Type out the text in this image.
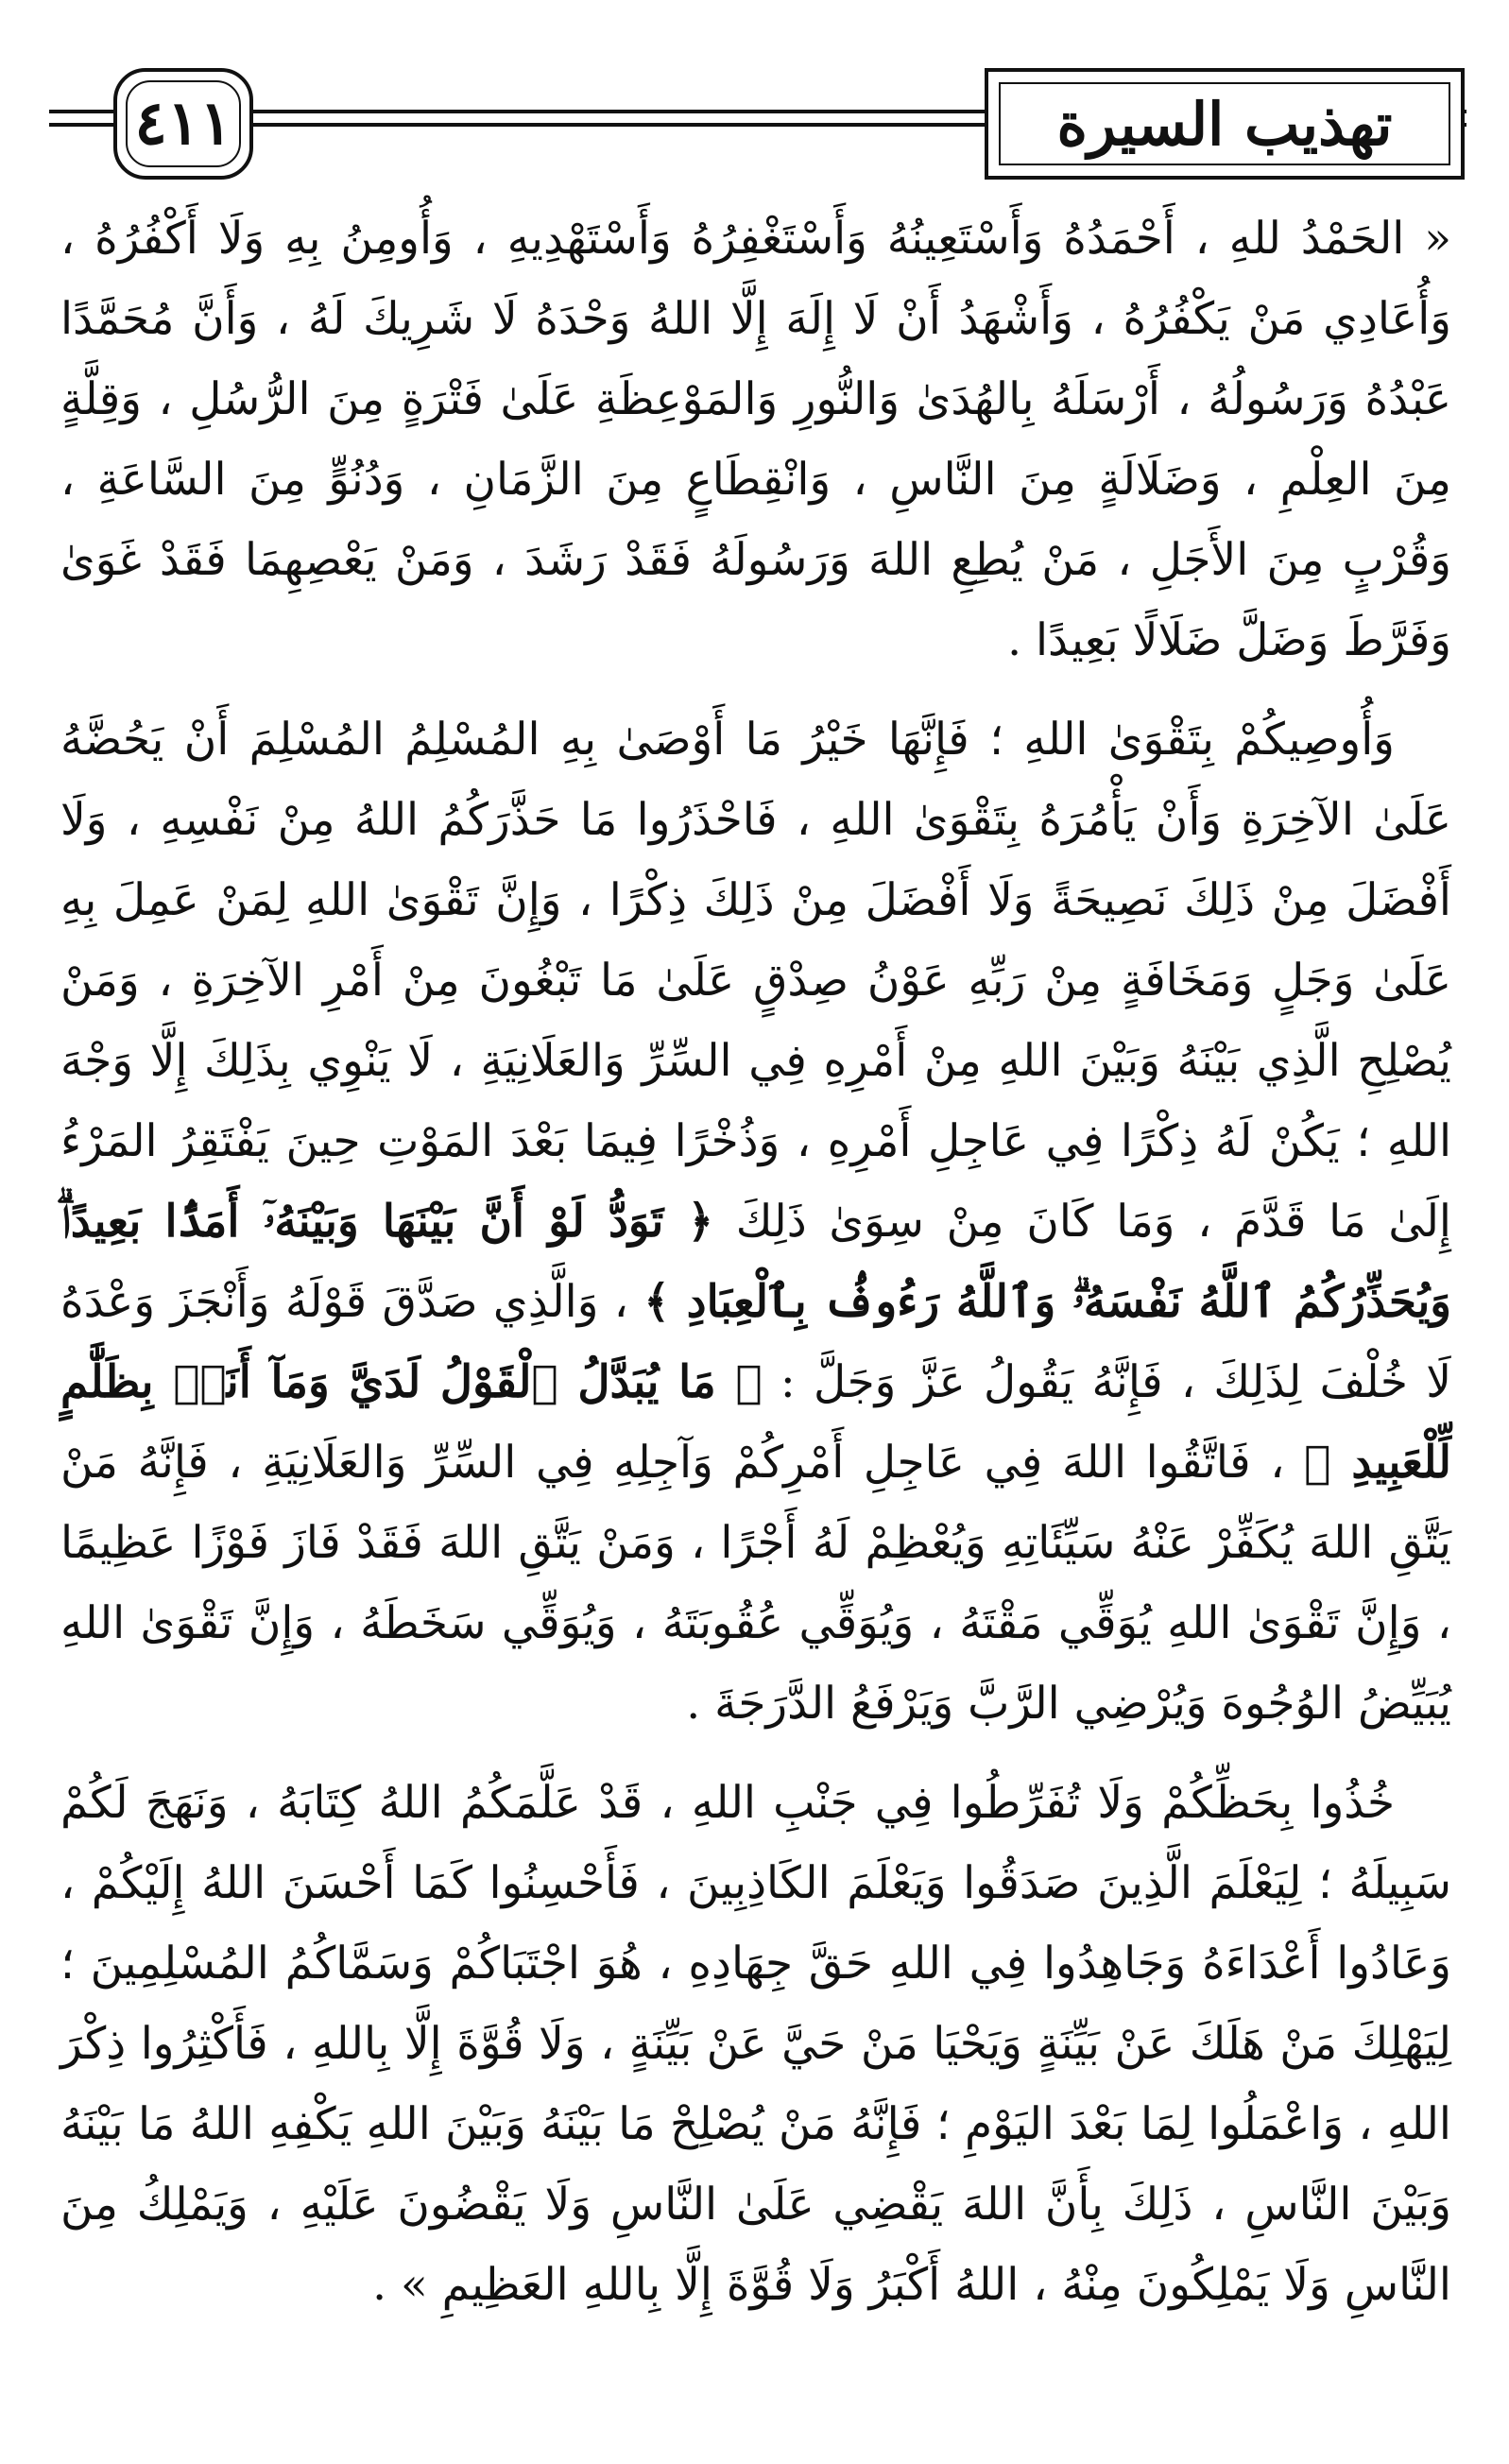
٤١١	تهذيب السيرة

« الحَمْدُ للهِ ، أَحْمَدُهُ وَأَسْتَعِينُهُ وَأَسْتَغْفِرُهُ وَأَسْتَهْدِيهِ ، وَأُومِنُ بِهِ وَلَا أَكْفُرُهُ ، وَأُعَادِي مَنْ يَكْفُرُهُ ، وَأَشْهَدُ أَنْ لَا إِلَهَ إِلَّا اللهُ وَحْدَهُ لَا شَرِيكَ لَهُ ، وَأَنَّ مُحَمَّدًا عَبْدُهُ وَرَسُولُهُ ، أَرْسَلَهُ بِالهُدَىٰ وَالنُّورِ وَالمَوْعِظَةِ عَلَىٰ فَتْرَةٍ مِنَ الرُّسُلِ ، وَقِلَّةٍ مِنَ العِلْمِ ، وَضَلَالَةٍ مِنَ النَّاسِ ، وَانْقِطَاعٍ مِنَ الزَّمَانِ ، وَدُنُوٍّ مِنَ السَّاعَةِ ، وَقُرْبٍ مِنَ الأَجَلِ ، مَنْ يُطِعِ اللهَ وَرَسُولَهُ فَقَدْ رَشَدَ ، وَمَنْ يَعْصِهِمَا فَقَدْ غَوَىٰ وَفَرَّطَ وَضَلَّ ضَلَالًا بَعِيدًا .

وَأُوصِيكُمْ بِتَقْوَىٰ اللهِ ؛ فَإِنَّهَا خَيْرُ مَا أَوْصَىٰ بِهِ المُسْلِمُ المُسْلِمَ أَنْ يَحُضَّهُ عَلَىٰ الآخِرَةِ وَأَنْ يَأْمُرَهُ بِتَقْوَىٰ اللهِ ، فَاحْذَرُوا مَا حَذَّرَكُمُ اللهُ مِنْ نَفْسِهِ ، وَلَا أَفْضَلَ مِنْ ذَلِكَ نَصِيحَةً وَلَا أَفْضَلَ مِنْ ذَلِكَ ذِكْرًا ، وَإِنَّ تَقْوَىٰ اللهِ لِمَنْ عَمِلَ بِهِ عَلَىٰ وَجَلٍ وَمَخَافَةٍ مِنْ رَبِّهِ عَوْنُ صِدْقٍ عَلَىٰ مَا تَبْغُونَ مِنْ أَمْرِ الآخِرَةِ ، وَمَنْ يُصْلِحِ الَّذِي بَيْنَهُ وَبَيْنَ اللهِ مِنْ أَمْرِهِ فِي السِّرِّ وَالعَلَانِيَةِ ، لَا يَنْوِي بِذَلِكَ إِلَّا وَجْهَ اللهِ ؛ يَكُنْ لَهُ ذِكْرًا فِي عَاجِلِ أَمْرِهِ ، وَذُخْرًا فِيمَا بَعْدَ المَوْتِ حِينَ يَفْتَقِرُ المَرْءُ إِلَىٰ مَا قَدَّمَ ، وَمَا كَانَ مِنْ سِوَىٰ ذَلِكَ ﴿ تَوَدُّ لَوْ أَنَّ بَيْنَهَا وَبَيْنَهُۥٓ أَمَدًۢا بَعِيدًاۗ وَيُحَذِّرُكُمُ ٱللَّهُ نَفْسَهُۥۗ وَٱللَّهُ رَءُوفُۢ بِٱلْعِبَادِ ﴾ ، وَالَّذِي صَدَّقَ قَوْلَهُ وَأَنْجَزَ وَعْدَهُ لَا خُلْفَ لِذَلِكَ ، فَإِنَّهُ يَقُولُ عَزَّ وَجَلَّ : ﴿ مَا يُبَدَّلُ ٱلْقَوْلُ لَدَيَّ وَمَآ أَنَا۠ بِظَلَّٰمٍ لِّلْعَبِيدِ ﴾ ، فَاتَّقُوا اللهَ فِي عَاجِلِ أَمْرِكُمْ وَآجِلِهِ فِي السِّرِّ وَالعَلَانِيَةِ ، فَإِنَّهُ مَنْ يَتَّقِ اللهَ يُكَفِّرْ عَنْهُ سَيِّئَاتِهِ وَيُعْظِمْ لَهُ أَجْرًا ، وَمَنْ يَتَّقِ اللهَ فَقَدْ فَازَ فَوْزًا عَظِيمًا ، وَإِنَّ تَقْوَىٰ اللهِ يُوَقِّي مَقْتَهُ ، وَيُوَقِّي عُقُوبَتَهُ ، وَيُوَقِّي سَخَطَهُ ، وَإِنَّ تَقْوَىٰ اللهِ يُبَيِّضُ الوُجُوهَ وَيُرْضِي الرَّبَّ وَيَرْفَعُ الدَّرَجَةَ .

خُذُوا بِحَظِّكُمْ وَلَا تُفَرِّطُوا فِي جَنْبِ اللهِ ، قَدْ عَلَّمَكُمُ اللهُ كِتَابَهُ ، وَنَهَجَ لَكُمْ سَبِيلَهُ ؛ لِيَعْلَمَ الَّذِينَ صَدَقُوا وَيَعْلَمَ الكَاذِبِينَ ، فَأَحْسِنُوا كَمَا أَحْسَنَ اللهُ إِلَيْكُمْ ، وَعَادُوا أَعْدَاءَهُ وَجَاهِدُوا فِي اللهِ حَقَّ جِهَادِهِ ، هُوَ اجْتَبَاكُمْ وَسَمَّاكُمُ المُسْلِمِينَ ؛ لِيَهْلِكَ مَنْ هَلَكَ عَنْ بَيِّنَةٍ وَيَحْيَا مَنْ حَيَّ عَنْ بَيِّنَةٍ ، وَلَا قُوَّةَ إِلَّا بِاللهِ ، فَأَكْثِرُوا ذِكْرَ اللهِ ، وَاعْمَلُوا لِمَا بَعْدَ اليَوْمِ ؛ فَإِنَّهُ مَنْ يُصْلِحْ مَا بَيْنَهُ وَبَيْنَ اللهِ يَكْفِهِ اللهُ مَا بَيْنَهُ وَبَيْنَ النَّاسِ ، ذَلِكَ بِأَنَّ اللهَ يَقْضِي عَلَىٰ النَّاسِ وَلَا يَقْضُونَ عَلَيْهِ ، وَيَمْلِكُ مِنَ النَّاسِ وَلَا يَمْلِكُونَ مِنْهُ ، اللهُ أَكْبَرُ وَلَا قُوَّةَ إِلَّا بِاللهِ العَظِيمِ » .
